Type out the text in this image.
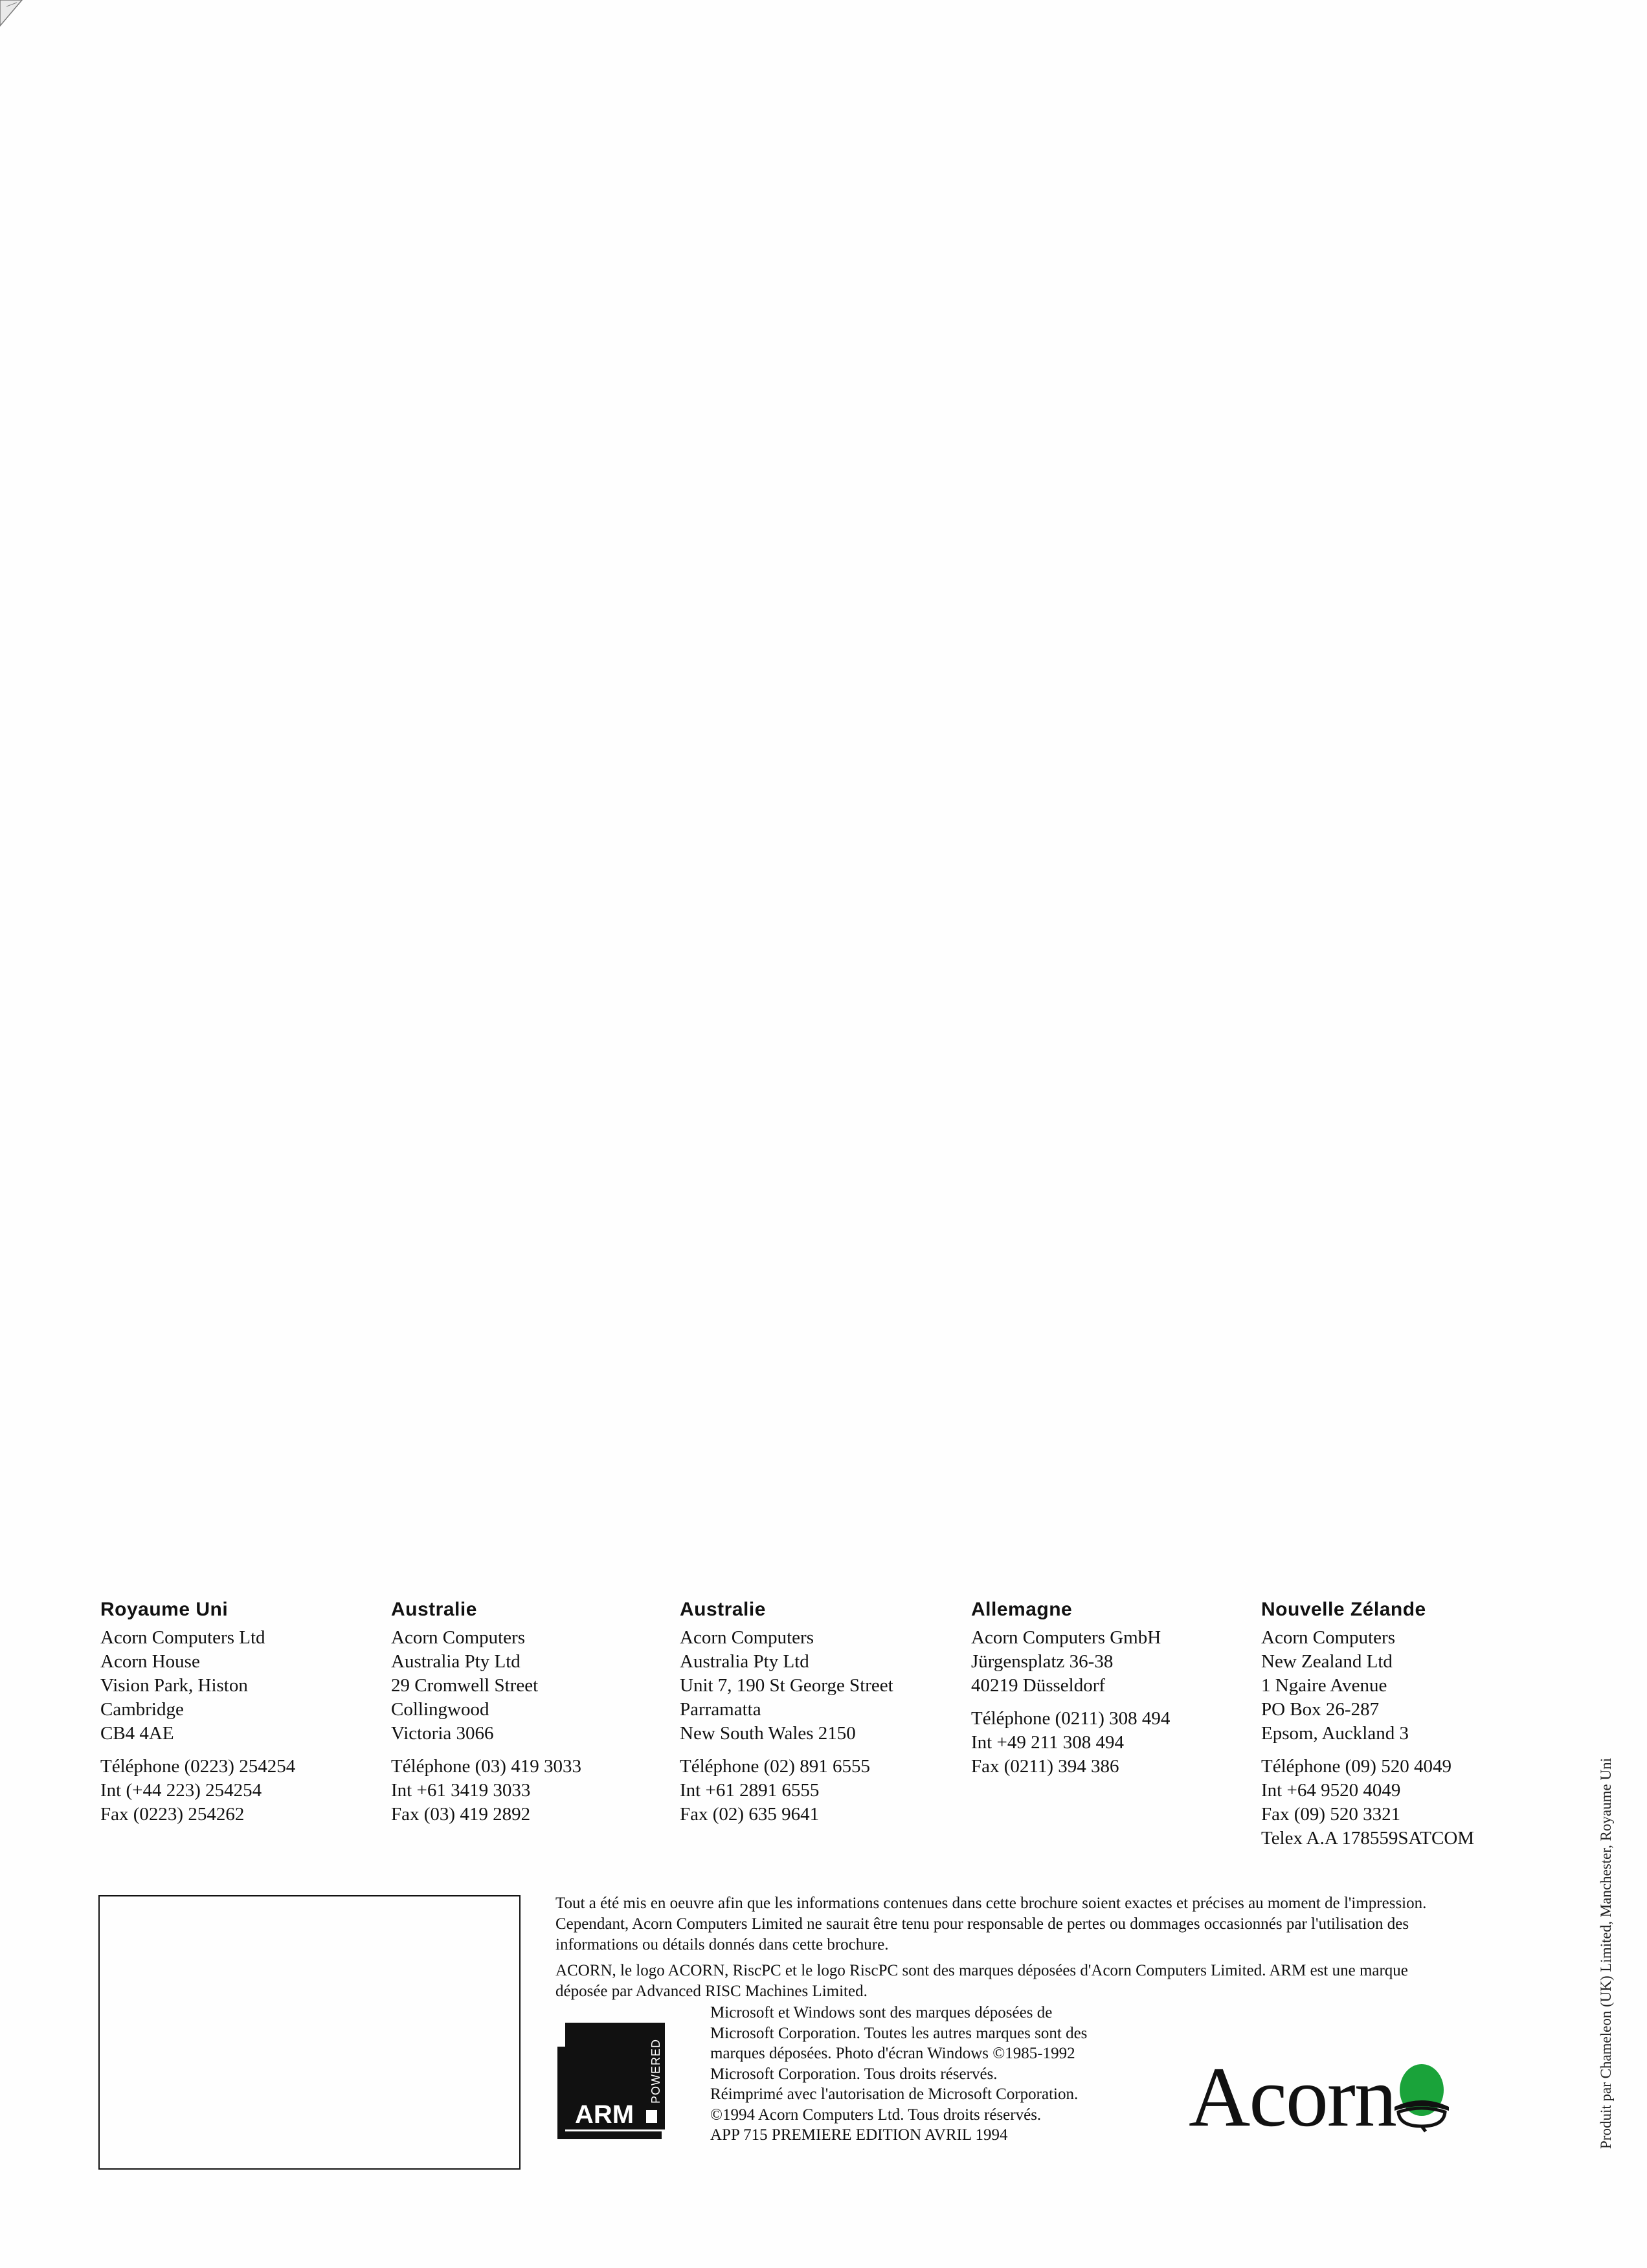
Royaume Uni
Acorn Computers Ltd
Acorn House
Vision Park, Histon
Cambridge
CB4 4AE
Téléphone (0223) 254254
Int (+44 223) 254254
Fax (0223) 254262
Australie
Acorn Computers
Australia Pty Ltd
29 Cromwell Street
Collingwood
Victoria 3066
Téléphone (03) 419 3033
Int +61 3419 3033
Fax (03) 419 2892
Australie
Acorn Computers
Australia Pty Ltd
Unit 7, 190 St George Street
Parramatta
New South Wales 2150
Téléphone (02) 891 6555
Int +61 2891 6555
Fax (02) 635 9641
Allemagne
Acorn Computers GmbH
Jürgensplatz 36-38
40219 Düsseldorf
Téléphone (0211) 308 494
Int +49 211 308 494
Fax (0211) 394 386
Nouvelle Zélande
Acorn Computers
New Zealand Ltd
1 Ngaire Avenue
PO Box 26-287
Epsom, Auckland 3
Téléphone (09) 520 4049
Int +64 9520 4049
Fax (09) 520 3321
Telex A.A 178559SATCOM

Tout a été mis en oeuvre afin que les informations contenues dans cette brochure soient exactes et précises au moment de l'impression. Cependant, Acorn Computers Limited ne saurait être tenu pour responsable de pertes ou dommages occasionnés par l'utilisation des informations ou détails donnés dans cette brochure.

ACORN, le logo ACORN, RiscPC et le logo RiscPC sont des marques déposées d'Acorn Computers Limited. ARM est une marque déposée par Advanced RISC Machines Limited.

ARM
POWERED
Microsoft et Windows sont des marques déposées de
Microsoft Corporation. Toutes les autres marques sont des
marques déposées. Photo d'écran Windows ©1985-1992
Microsoft Corporation. Tous droits réservés.
Réimprimé avec l'autorisation de Microsoft Corporation.
©1994 Acorn Computers Ltd. Tous droits réservés.
APP 715 PREMIERE EDITION AVRIL 1994	Acorn	Produit par Chameleon (UK) Limited, Manchester, Royaume Uni
